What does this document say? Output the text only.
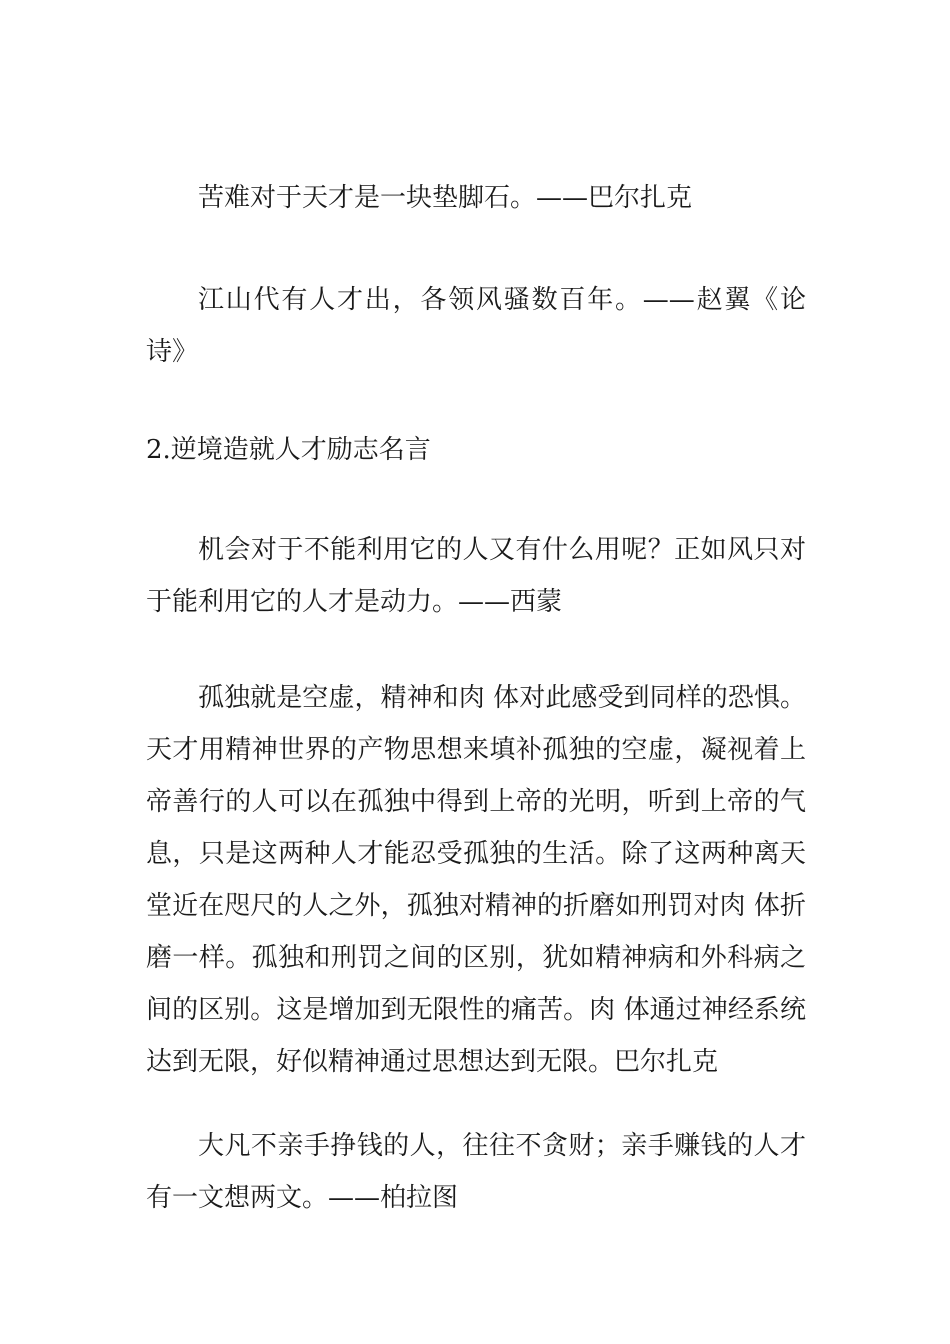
苦难对于天才是一块垫脚石。——巴尔扎克

江山代有人才出，各领风骚数百年。——赵翼《论诗》

2.逆境造就人才励志名言

机会对于不能利用它的人又有什么用呢？正如风只对于能利用它的人才是动力。——西蒙

孤独就是空虚，精神和肉 体对此感受到同样的恐惧。天才用精神世界的产物思想来填补孤独的空虚，凝视着上帝善行的人可以在孤独中得到上帝的光明，听到上帝的气息，只是这两种人才能忍受孤独的生活。除了这两种离天堂近在咫尺的人之外，孤独对精神的折磨如刑罚对肉 体折磨一样。孤独和刑罚之间的区别，犹如精神病和外科病之间的区别。这是增加到无限性的痛苦。肉 体通过神经系统达到无限，好似精神通过思想达到无限。巴尔扎克

大凡不亲手挣钱的人，往往不贪财；亲手赚钱的人才有一文想两文。——柏拉图
